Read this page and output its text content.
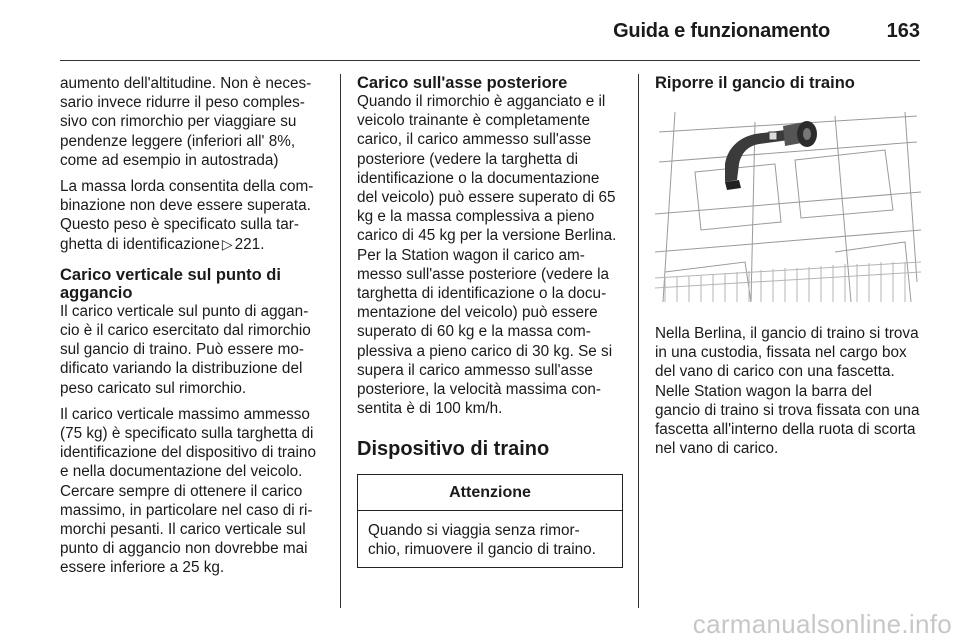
Guida e funzionamento	163

aumento dell'altitudine. Non è neces-sario invece ridurre il peso comples-sivo con rimorchio per viaggiare su pendenze leggere (inferiori all' 8%, come ad esempio in autostrada)

La massa lorda consentita della com-binazione non deve essere superata. Questo peso è specificato sulla tar-ghetta di identificazione ▷ 221.

Carico verticale sul punto di aggancio

Il carico verticale sul punto di aggan-cio è il carico esercitato dal rimorchio sul gancio di traino. Può essere mo-dificato variando la distribuzione del peso caricato sul rimorchio.

Il carico verticale massimo ammesso (75 kg) è specificato sulla targhetta di identificazione del dispositivo di traino e nella documentazione del veicolo. Cercare sempre di ottenere il carico massimo, in particolare nel caso di ri-morchi pesanti. Il carico verticale sul punto di aggancio non dovrebbe mai essere inferiore a 25 kg.

Carico sull'asse posteriore

Quando il rimorchio è agganciato e il veicolo trainante è completamente carico, il carico ammesso sull'asse posteriore (vedere la targhetta di identificazione o la documentazione del veicolo) può essere superato di 65 kg e la massa complessiva a pieno carico di 45 kg per la versione Berlina. Per la Station wagon il carico am-messo sull'asse posteriore (vedere la targhetta di identificazione o la docu-mentazione del veicolo) può essere superato di 60 kg e la massa com-plessiva a pieno carico di 30 kg. Se si supera il carico ammesso sull'asse posteriore, la velocità massima con-sentita è di 100 km/h.

Dispositivo di traino
Attenzione
Quando si viaggia senza rimor-chio, rimuovere il gancio di traino.
Riporre il gancio di traino

Nella Berlina, il gancio di traino si trova in una custodia, fissata nel cargo box del vano di carico con una fascetta. Nelle Station wagon la barra del gancio di traino si trova fissata con una fascetta all'interno della ruota di scorta nel vano di carico.

carmanualsonline.info
